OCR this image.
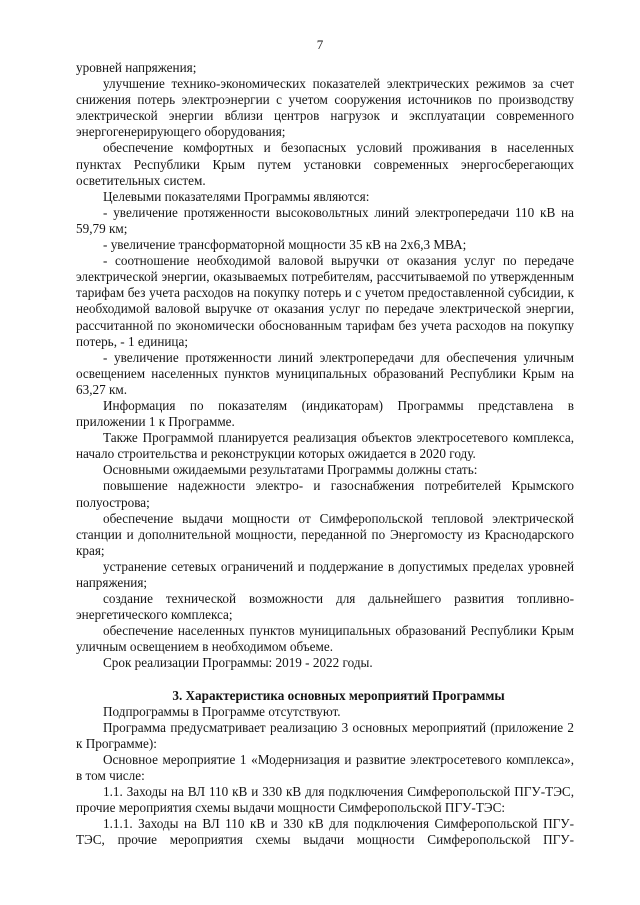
7

уровней напряжения;

улучшение технико-экономических показателей электрических режимов за счет снижения потерь электроэнергии с учетом сооружения источников по производству электрической энергии вблизи центров нагрузок и эксплуатации современного энергогенерирующего оборудования;

обеспечение комфортных и безопасных условий проживания в населенных пунктах Республики Крым путем установки современных энергосберегающих осветительных систем.

Целевыми показателями Программы являются:

- увеличение протяженности высоковольтных линий электропередачи 110 кВ на 59,79 км;

- увеличение трансформаторной мощности 35 кВ на 2х6,3 МВА;

- соотношение необходимой валовой выручки от оказания услуг по передаче электрической энергии, оказываемых потребителям, рассчитываемой по утвержденным тарифам без учета расходов на покупку потерь и с учетом предоставленной субсидии, к необходимой валовой выручке от оказания услуг по передаче электрической энергии, рассчитанной по экономически обоснованным тарифам без учета расходов на покупку потерь, - 1 единица;

- увеличение протяженности линий электропередачи для обеспечения уличным освещением населенных пунктов муниципальных образований Республики Крым на 63,27 км.

Информация по показателям (индикаторам) Программы представлена в приложении 1 к Программе.

Также Программой планируется реализация объектов электросетевого комплекса, начало строительства и реконструкции которых ожидается в 2020 году.

Основными ожидаемыми результатами Программы должны стать:

повышение надежности электро- и газоснабжения потребителей Крымского полуострова;

обеспечение выдачи мощности от Симферопольской тепловой электрической станции и дополнительной мощности, переданной по Энергомосту из Краснодарского края;

устранение сетевых ограничений и поддержание в допустимых пределах уровней напряжения;

создание технической возможности для дальнейшего развития топливно-энергетического комплекса;

обеспечение населенных пунктов муниципальных образований Республики Крым уличным освещением в необходимом объеме.

Срок реализации Программы: 2019 - 2022 годы.

3. Характеристика основных мероприятий Программы

Подпрограммы в Программе отсутствуют.

Программа предусматривает реализацию 3 основных мероприятий (приложение 2 к Программе):

Основное мероприятие 1 «Модернизация и развитие электросетевого комплекса», в том числе:

1.1. Заходы на ВЛ 110 кВ и 330 кВ для подключения Симферопольской ПГУ-ТЭС, прочие мероприятия схемы выдачи мощности Симферопольской ПГУ-ТЭС:

1.1.1. Заходы на ВЛ 110 кВ и 330 кВ для подключения Симферопольской ПГУ-ТЭС, прочие мероприятия схемы выдачи мощности Симферопольской ПГУ-
